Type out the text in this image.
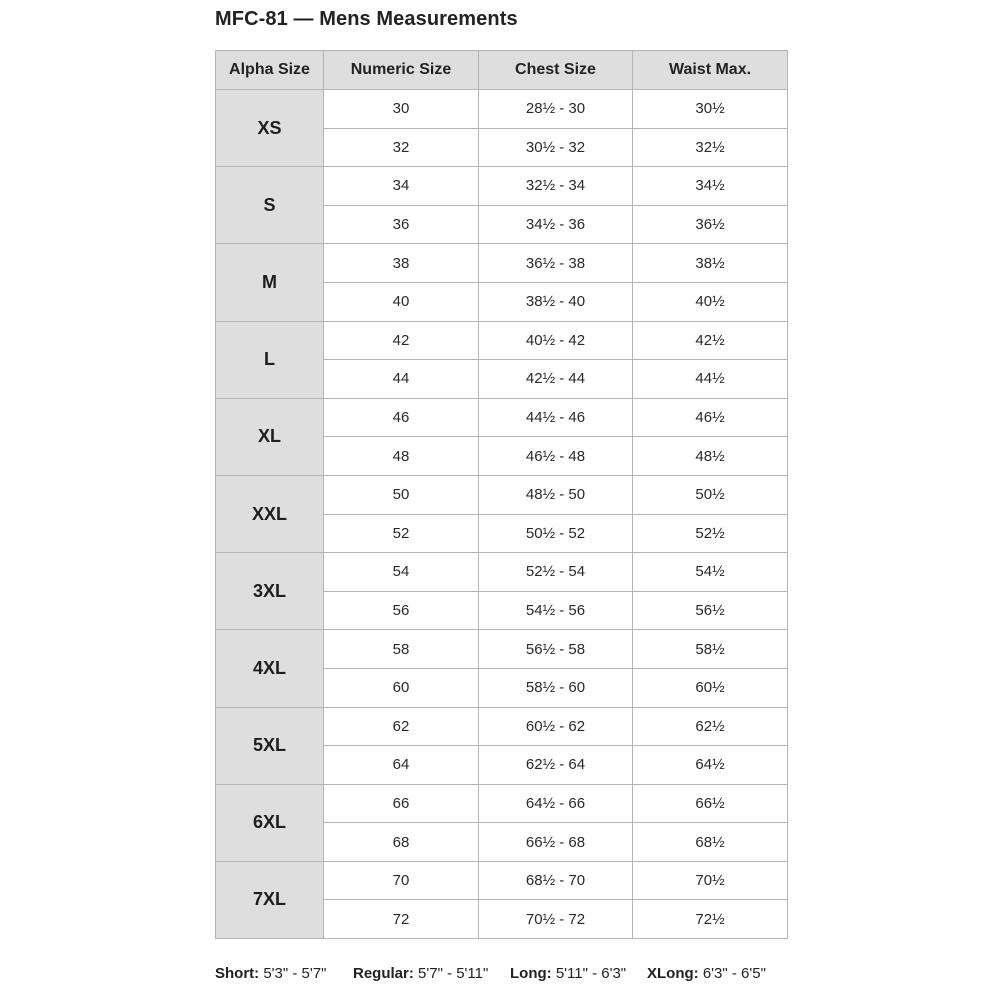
MFC-81 — Mens Measurements
Alpha Size	Numeric Size	Chest Size	Waist Max.
XS	30	28½ - 30	30½
	32	30½ - 32	32½
S	34	32½ - 34	34½
	36	34½ - 36	36½
M	38	36½ - 38	38½
	40	38½ - 40	40½
L	42	40½ - 42	42½
	44	42½ - 44	44½
XL	46	44½ - 46	46½
	48	46½ - 48	48½
XXL	50	48½ - 50	50½
	52	50½ - 52	52½
3XL	54	52½ - 54	54½
	56	54½ - 56	56½
4XL	58	56½ - 58	58½
	60	58½ - 60	60½
5XL	62	60½ - 62	62½
	64	62½ - 64	64½
6XL	66	64½ - 66	66½
	68	66½ - 68	68½
7XL	70	68½ - 70	70½
	72	70½ - 72	72½
Short: 5'3" - 5'7" Regular: 5'7" - 5'11" Long: 5'11" - 6'3" XLong: 6'3" - 6'5"
